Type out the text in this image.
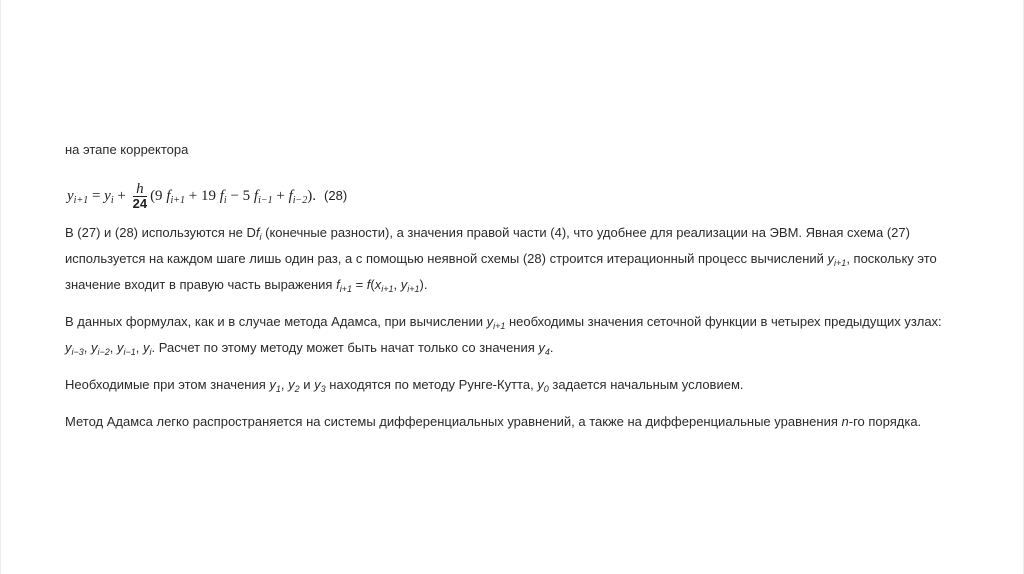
на этапе корректора

$y_{i+1} = y_i + \frac{h}{24} (9$ $f_{i+1} + 19$ $f_i - 5$ $f_{i-1} + f_{i-2}$). (28)

В (27) и (28) используются не $Df_i$ (конечные разности), а значения правой части (4), что удобнее для реализации на ЭВМ. Явная схема (27) используется на каждом шаге лишь один раз, а с помощью неявной схемы (28) строится итерационный процесс вычислений $y_{i+1}$, поскольку это значение входит в правую часть выражения $f_{i+1} = f(x_{i+1}$, $y_{i+1}$).

В данных формулах, как и в случае метода Адамса, при вычислении $y_{i+1}$ необходимы значения сеточной функции в четырех предыдущих узлах: $y_{i-3}$, $y_{i-2}$, $y_{i-1}$, $y_i$. Расчет по этому методу может быть начат только со значения $y_4$.

Необходимые при этом значения $y_1$, $y_2$ и $y_3$ находятся по методу Рунге-Кутта, $y_0$ задается начальным условием.

Метод Адамса легко распространяется на системы дифференциальных уравнений, а также на дифференциальные уравнения n-го порядка.
